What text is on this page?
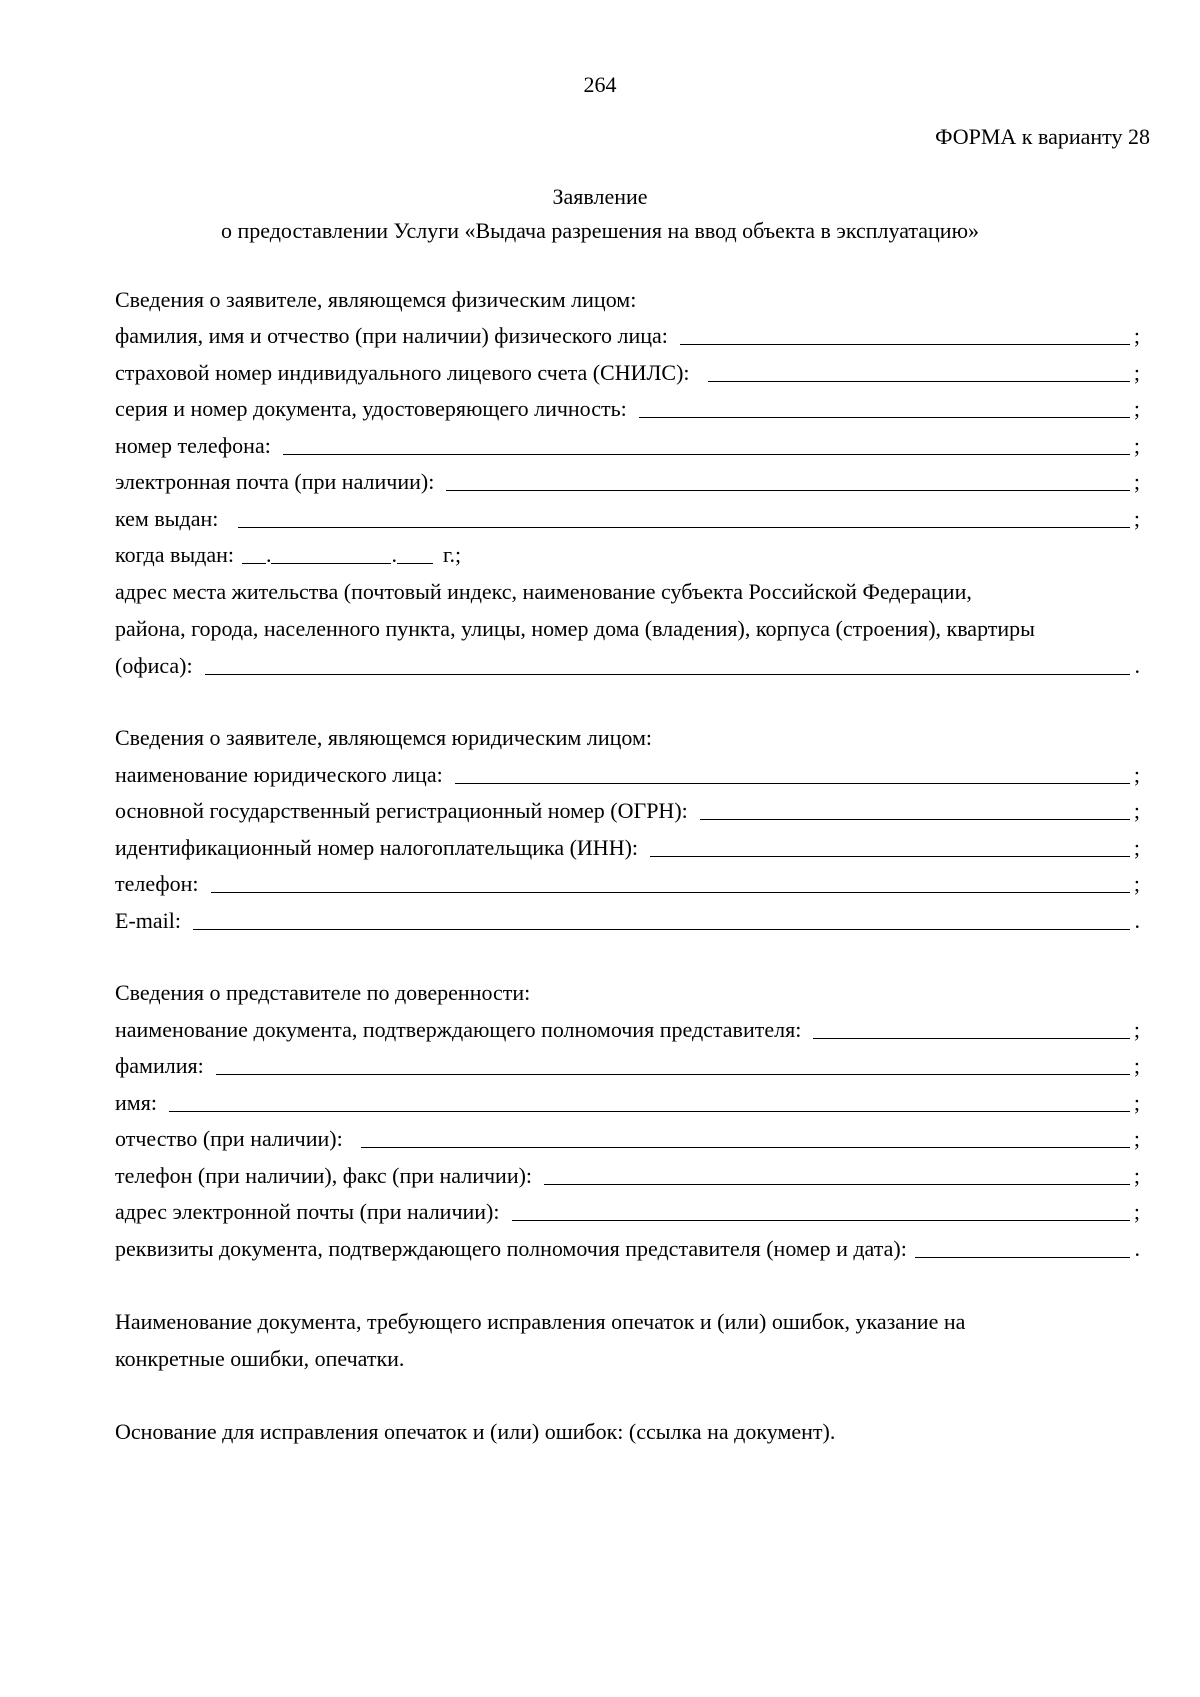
264
ФОРМА к варианту 28
Заявление
о предоставлении Услуги «Выдача разрешения на ввод объекта в эксплуатацию»
Сведения о заявителе, являющемся физическим лицом:
фамилия, имя и отчество (при наличии) физического лица:	;
страховой номер индивидуального лицевого счета (СНИЛС):	;
серия и номер документа, удостоверяющего личность:	;
номер телефона:	;
электронная почта (при наличии):	;
кем выдан:	;
когда выдан: .	. г.;
адрес места жительства (почтовый индекс, наименование субъекта Российской Федерации,
района, города, населенного пункта, улицы, номер дома (владения), корпуса (строения), квартиры
(офиса):	.
Сведения о заявителе, являющемся юридическим лицом:
наименование юридического лица:	;
основной государственный регистрационный номер (ОГРН):	;
идентификационный номер налогоплательщика (ИНН):	;
телефон:	;
E-mail:	.
Сведения о представителе по доверенности:
наименование документа, подтверждающего полномочия представителя:	;
фамилия:	;
имя:	;
отчество (при наличии):	;
телефон (при наличии), факс (при наличии):	;
адрес электронной почты (при наличии):	;
реквизиты документа, подтверждающего полномочия представителя (номер и дата):	.
Наименование документа, требующего исправления опечаток и (или) ошибок, указание на
конкретные ошибки, опечатки.
Основание для исправления опечаток и (или) ошибок: (ссылка на документ).
